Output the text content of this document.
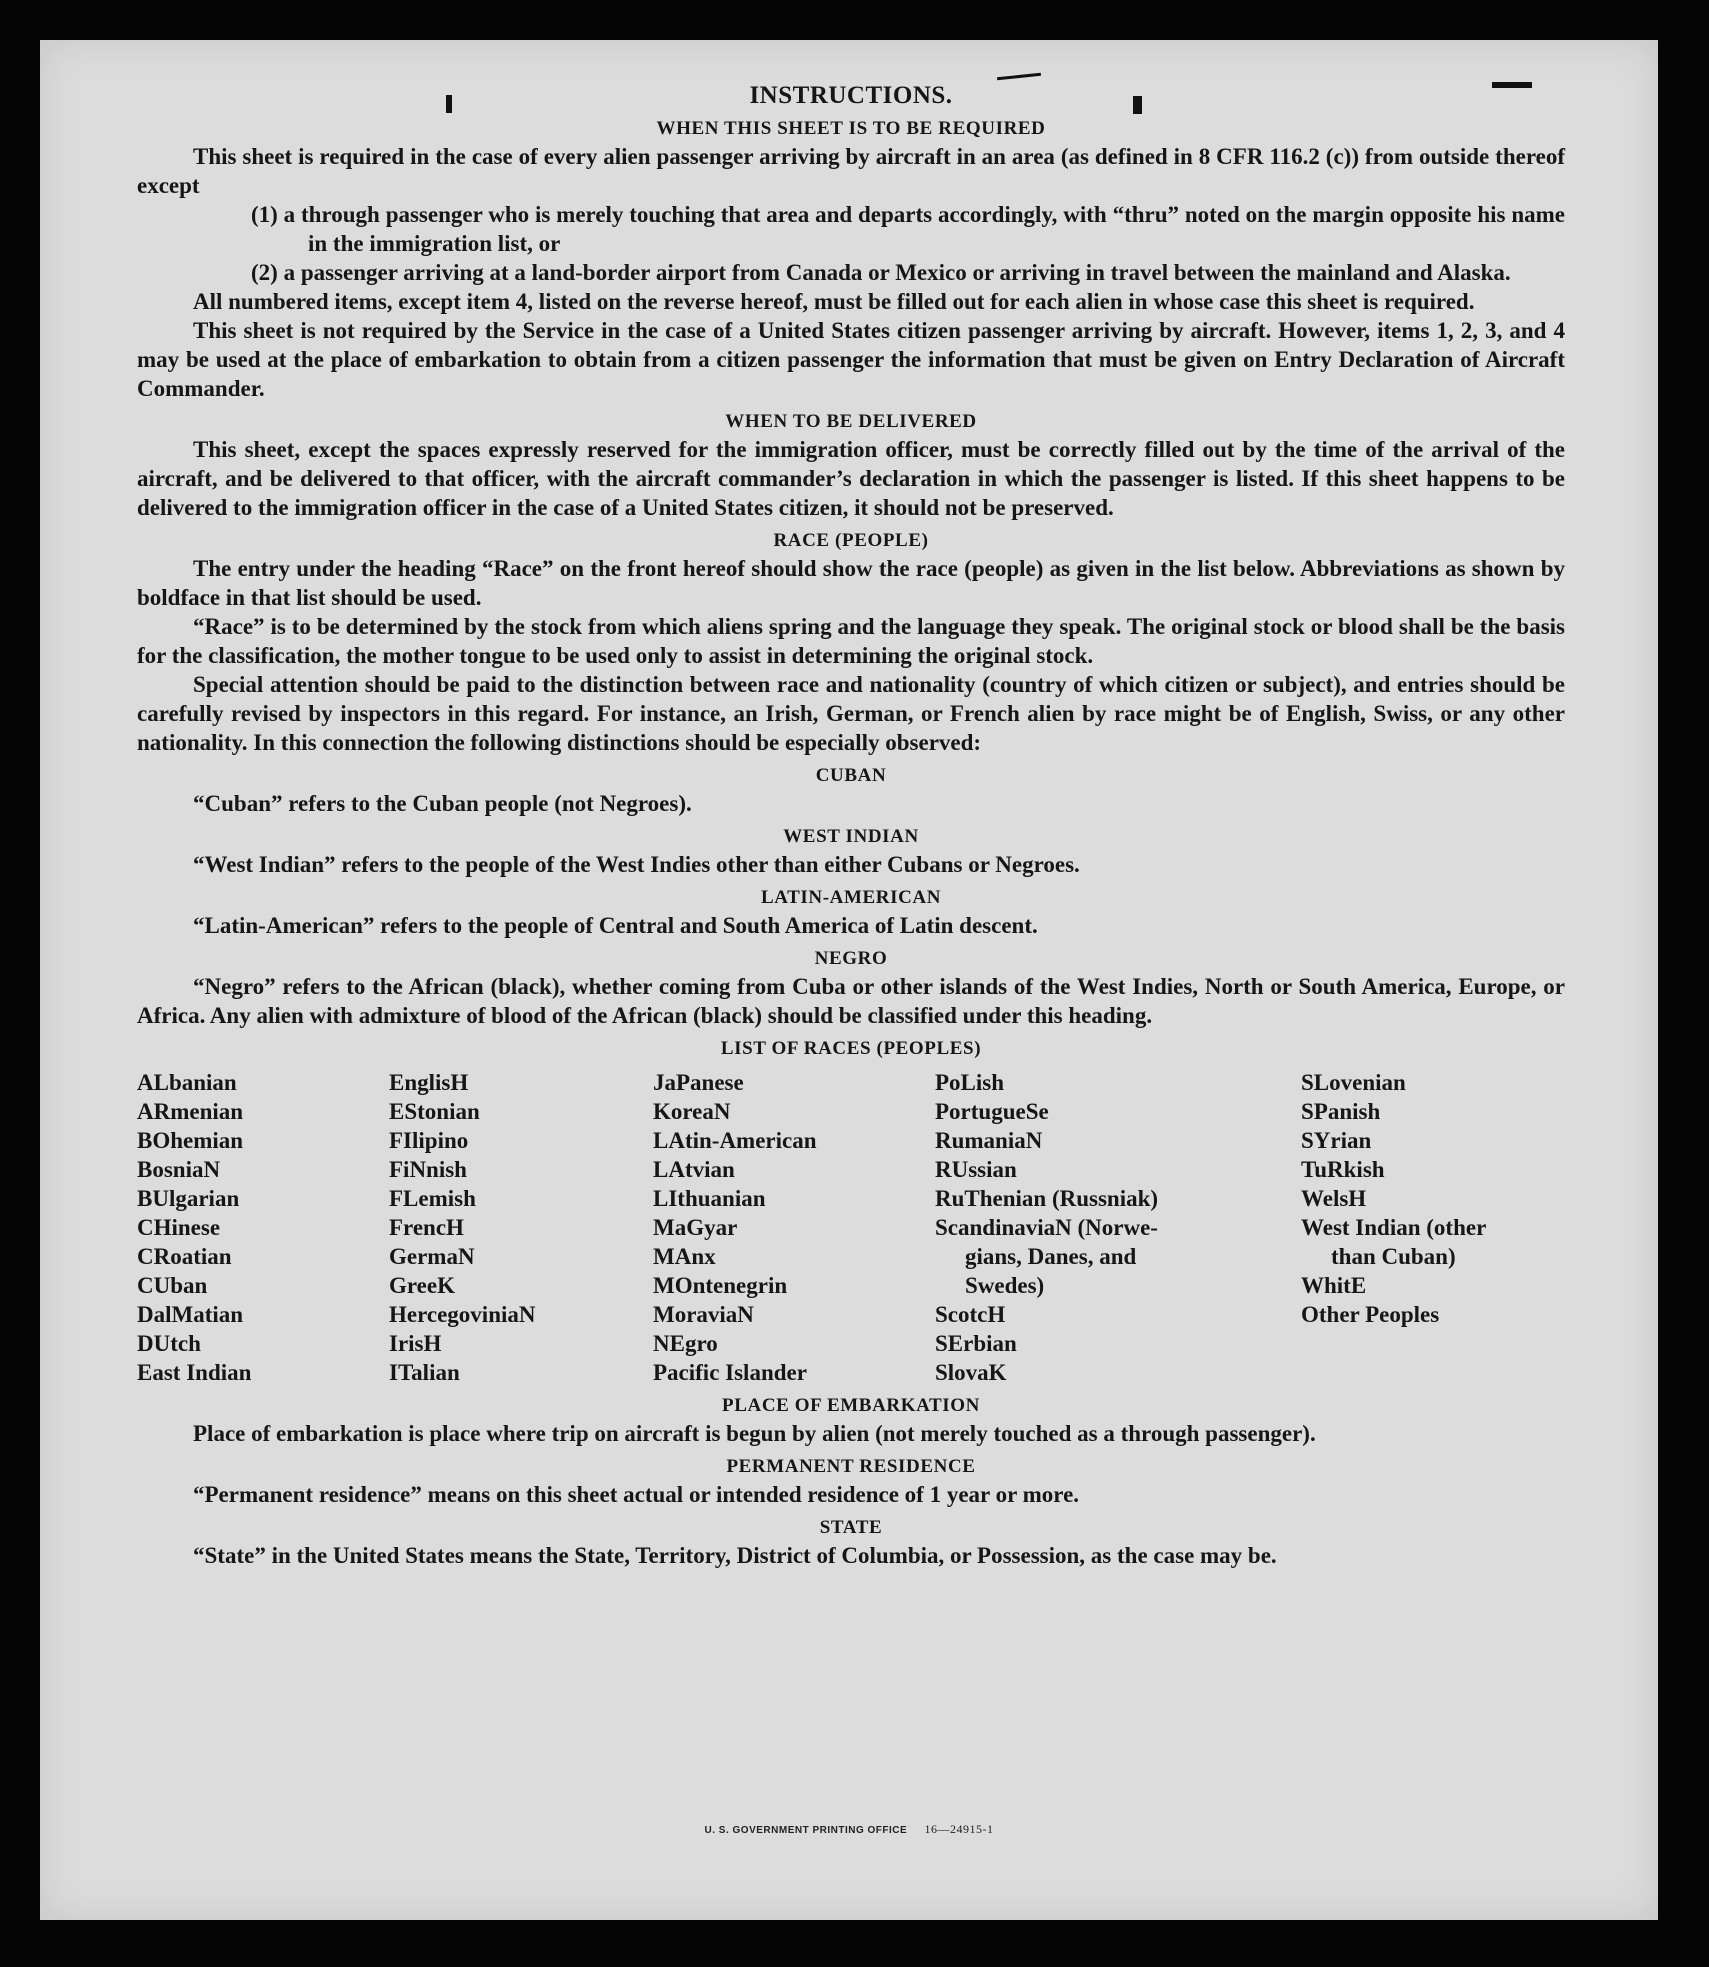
INSTRUCTIONS.
WHEN THIS SHEET IS TO BE REQUIRED

This sheet is required in the case of every alien passenger arriving by aircraft in an area (as defined in 8 CFR 116.2 (c)) from outside thereof except

(1) a through passenger who is merely touching that area and departs accordingly, with “thru” noted on the margin opposite his name in the immigration list, or

(2) a passenger arriving at a land-border airport from Canada or Mexico or arriving in travel between the mainland and Alaska.

All numbered items, except item 4, listed on the reverse hereof, must be filled out for each alien in whose case this sheet is required.

This sheet is not required by the Service in the case of a United States citizen passenger arriving by aircraft. However, items 1, 2, 3, and 4 may be used at the place of embarkation to obtain from a citizen passenger the information that must be given on Entry Declaration of Aircraft Commander.

WHEN TO BE DELIVERED

This sheet, except the spaces expressly reserved for the immigration officer, must be correctly filled out by the time of the arrival of the aircraft, and be delivered to that officer, with the aircraft commander’s declaration in which the passenger is listed. If this sheet happens to be delivered to the immigration officer in the case of a United States citizen, it should not be preserved.

RACE (PEOPLE)

The entry under the heading “Race” on the front hereof should show the race (people) as given in the list below. Abbreviations as shown by boldface in that list should be used.

“Race” is to be determined by the stock from which aliens spring and the language they speak. The original stock or blood shall be the basis for the classification, the mother tongue to be used only to assist in determining the original stock.

Special attention should be paid to the distinction between race and nationality (country of which citizen or subject), and entries should be carefully revised by inspectors in this regard. For instance, an Irish, German, or French alien by race might be of English, Swiss, or any other nationality. In this connection the following distinctions should be especially observed:

CUBAN

“Cuban” refers to the Cuban people (not Negroes).

WEST INDIAN

“West Indian” refers to the people of the West Indies other than either Cubans or Negroes.

LATIN-AMERICAN

“Latin-American” refers to the people of Central and South America of Latin descent.

NEGRO

“Negro” refers to the African (black), whether coming from Cuba or other islands of the West Indies, North or South America, Europe, or Africa. Any alien with admixture of blood of the African (black) should be classified under this heading.

LIST OF RACES (PEOPLES)
ALbanian
ARmenian
BOhemian
BosniaN
BUlgarian
CHinese
CRoatian
CUban
DalMatian
DUtch
East Indian
EnglisH
EStonian
FIlipino
FiNnish
FLemish
FrencH
GermaN
GreeK
HercegoviniaN
IrisH
ITalian
JaPanese
KoreaN
LAtin-American
LAtvian
LIthuanian
MaGyar
MAnx
MOntenegrin
MoraviaN
NEgro
Pacific Islander
PoLish
PortugueSe
RumaniaN
RUssian
RuThenian (Russniak)
ScandinaviaN (Norwe-
gians, Danes, and
Swedes)
ScotcH
SErbian
SlovaK
SLovenian
SPanish
SYrian
TuRkish
WelsH
West Indian (other
than Cuban)
WhitE
Other Peoples
PLACE OF EMBARKATION

Place of embarkation is place where trip on aircraft is begun by alien (not merely touched as a through passenger).

PERMANENT RESIDENCE

“Permanent residence” means on this sheet actual or intended residence of 1 year or more.

STATE

“State” in the United States means the State, Territory, District of Columbia, or Possession, as the case may be.

U. S. GOVERNMENT PRINTING OFFICE 16—24915-1
